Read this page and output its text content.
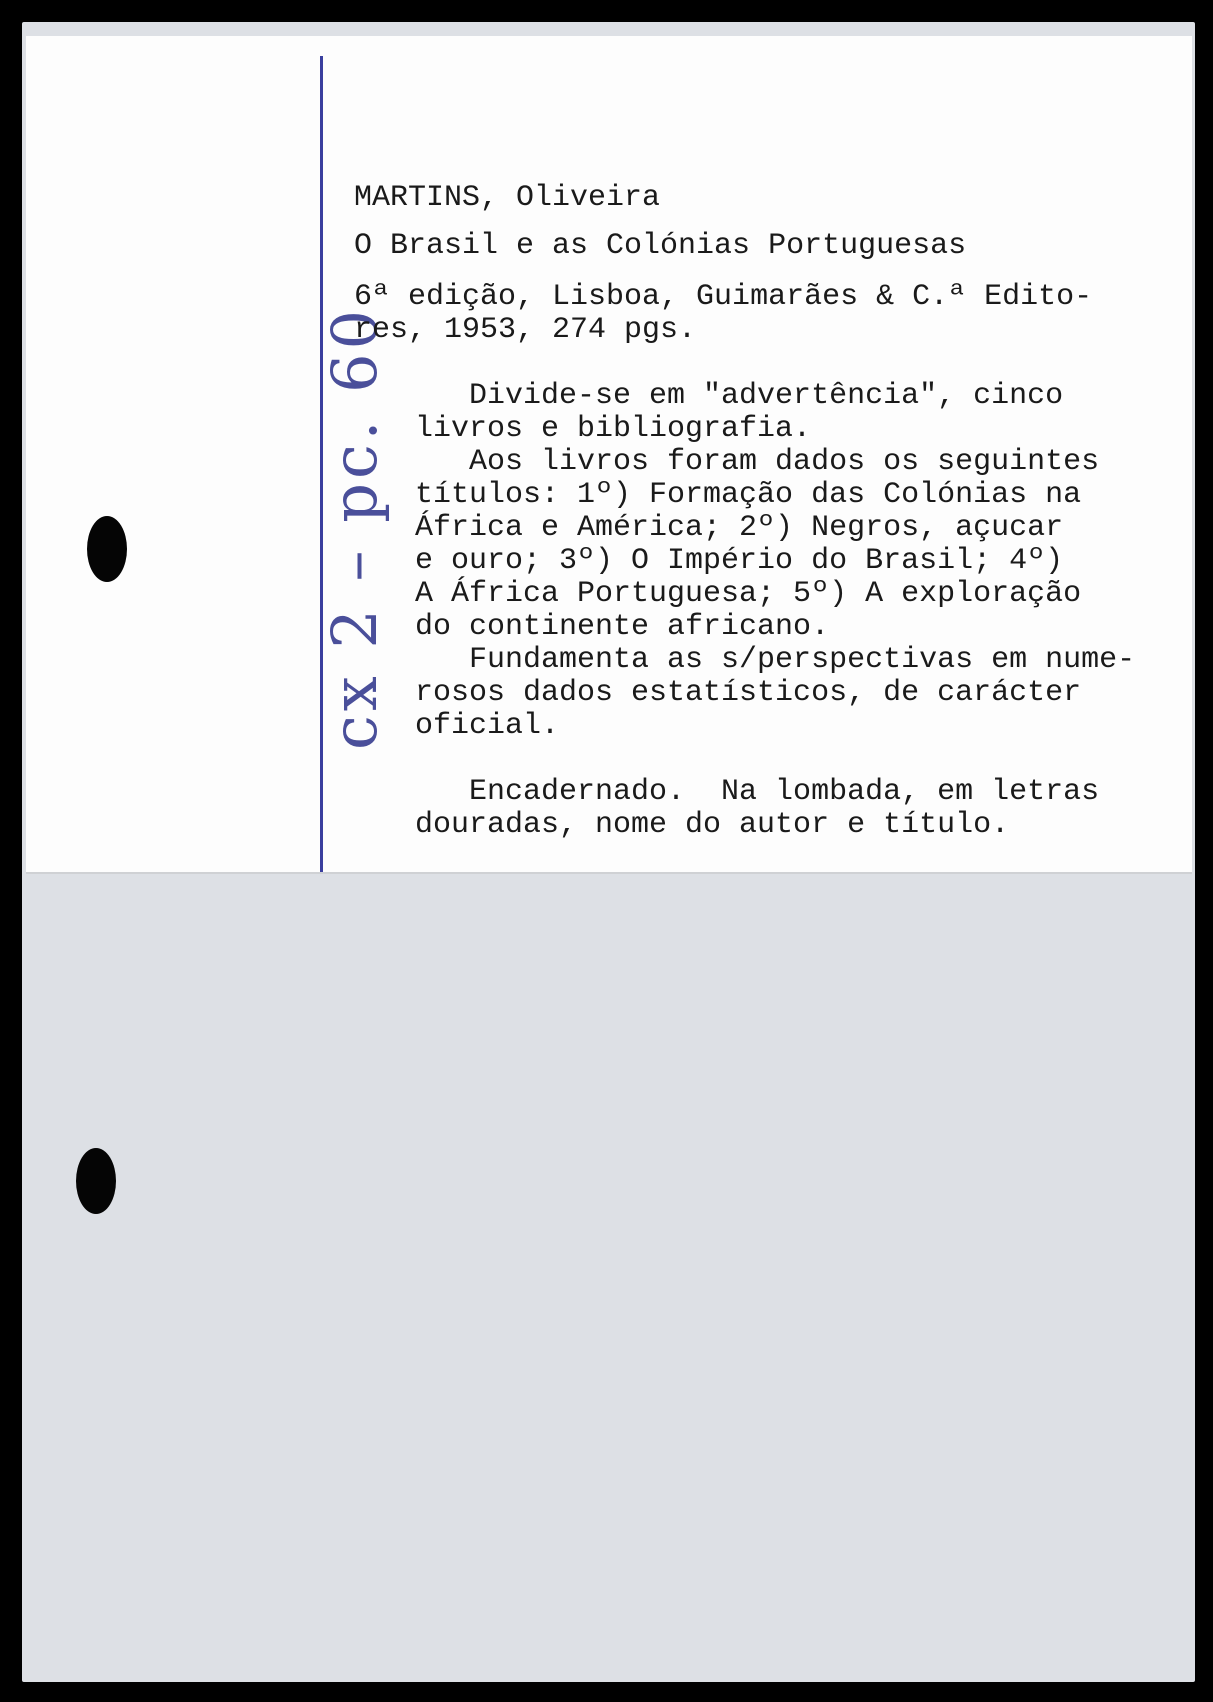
cx 2 – pc. 60

MARTINS, Oliveira

O Brasil e as Colónias Portuguesas

6ª edição, Lisboa, Guimarães & C.ª Edito-
res, 1953, 274 pgs.

Divide-se em "advertência", cinco
livros e bibliografia.
Aos livros foram dados os seguintes
títulos: 1º) Formação das Colónias na
África e América; 2º) Negros, açucar
e ouro; 3º) O Império do Brasil; 4º)
A África Portuguesa; 5º) A exploração
do continente africano.
Fundamenta as s/perspectivas em nume-
rosos dados estatísticos, de carácter
oficial.

Encadernado.  Na lombada, em letras
douradas, nome do autor e título.
